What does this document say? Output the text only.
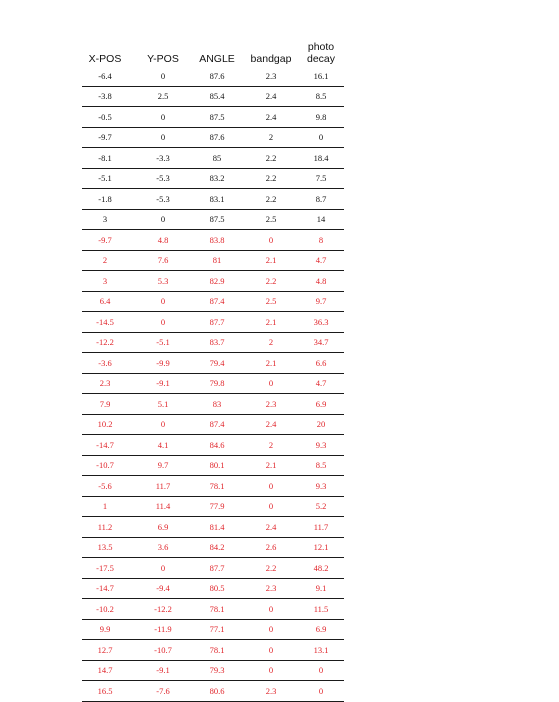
X-POS	Y-POS	ANGLE	bandgap
photo
decay
-6.4	0	87.6	2.3	16.1
-3.8	2.5	85.4	2.4	8.5
-0.5	0	87.5	2.4	9.8
-9.7	0	87.6	2	0
-8.1	-3.3	85	2.2	18.4
-5.1	-5.3	83.2	2.2	7.5
-1.8	-5.3	83.1	2.2	8.7
3	0	87.5	2.5	14
-9.7	4.8	83.8	0	8
2	7.6	81	2.1	4.7
3	5.3	82.9	2.2	4.8
6.4	0	87.4	2.5	9.7
-14.5	0	87.7	2.1	36.3
-12.2	-5.1	83.7	2	34.7
-3.6	-9.9	79.4	2.1	6.6
2.3	-9.1	79.8	0	4.7
7.9	5.1	83	2.3	6.9
10.2	0	87.4	2.4	20
-14.7	4.1	84.6	2	9.3
-10.7	9.7	80.1	2.1	8.5
-5.6	11.7	78.1	0	9.3
1	11.4	77.9	0	5.2
11.2	6.9	81.4	2.4	11.7
13.5	3.6	84.2	2.6	12.1
-17.5	0	87.7	2.2	48.2
-14.7	-9.4	80.5	2.3	9.1
-10.2	-12.2	78.1	0	11.5
9.9	-11.9	77.1	0	6.9
12.7	-10.7	78.1	0	13.1
14.7	-9.1	79.3	0	0
16.5	-7.6	80.6	2.3	0
